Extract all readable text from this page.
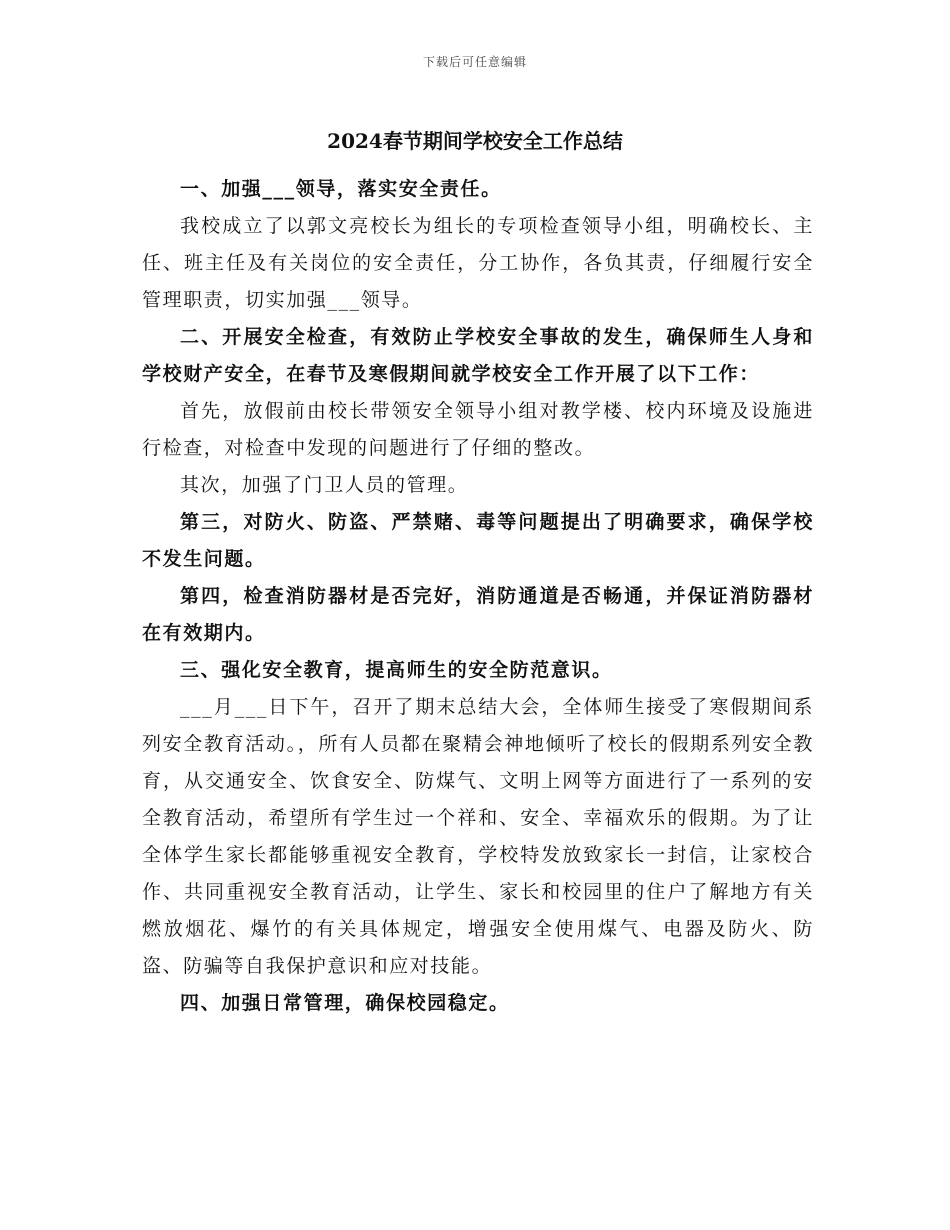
下载后可任意编辑
2024春节期间学校安全工作总结

一、加强___领导，落实安全责任。

我校成立了以郭文亮校长为组长的专项检查领导小组，明确校长、主任、班主任及有关岗位的安全责任，分工协作，各负其责，仔细履行安全管理职责，切实加强___领导。

二、开展安全检查，有效防止学校安全事故的发生，确保师生人身和学校财产安全，在春节及寒假期间就学校安全工作开展了以下工作：

首先，放假前由校长带领安全领导小组对教学楼、校内环境及设施进行检查，对检查中发现的问题进行了仔细的整改。

其次，加强了门卫人员的管理。

第三，对防火、防盗、严禁赌、毒等问题提出了明确要求，确保学校不发生问题。

第四，检查消防器材是否完好，消防通道是否畅通，并保证消防器材在有效期内。

三、强化安全教育，提高师生的安全防范意识。

___月___日下午，召开了期末总结大会，全体师生接受了寒假期间系列安全教育活动。，所有人员都在聚精会神地倾听了校长的假期系列安全教育，从交通安全、饮食安全、防煤气、文明上网等方面进行了一系列的安全教育活动，希望所有学生过一个祥和、安全、幸福欢乐的假期。为了让全体学生家长都能够重视安全教育，学校特发放致家长一封信，让家校合作、共同重视安全教育活动，让学生、家长和校园里的住户了解地方有关燃放烟花、爆竹的有关具体规定，增强安全使用煤气、电器及防火、防盗、防骗等自我保护意识和应对技能。

四、加强日常管理，确保校园稳定。
